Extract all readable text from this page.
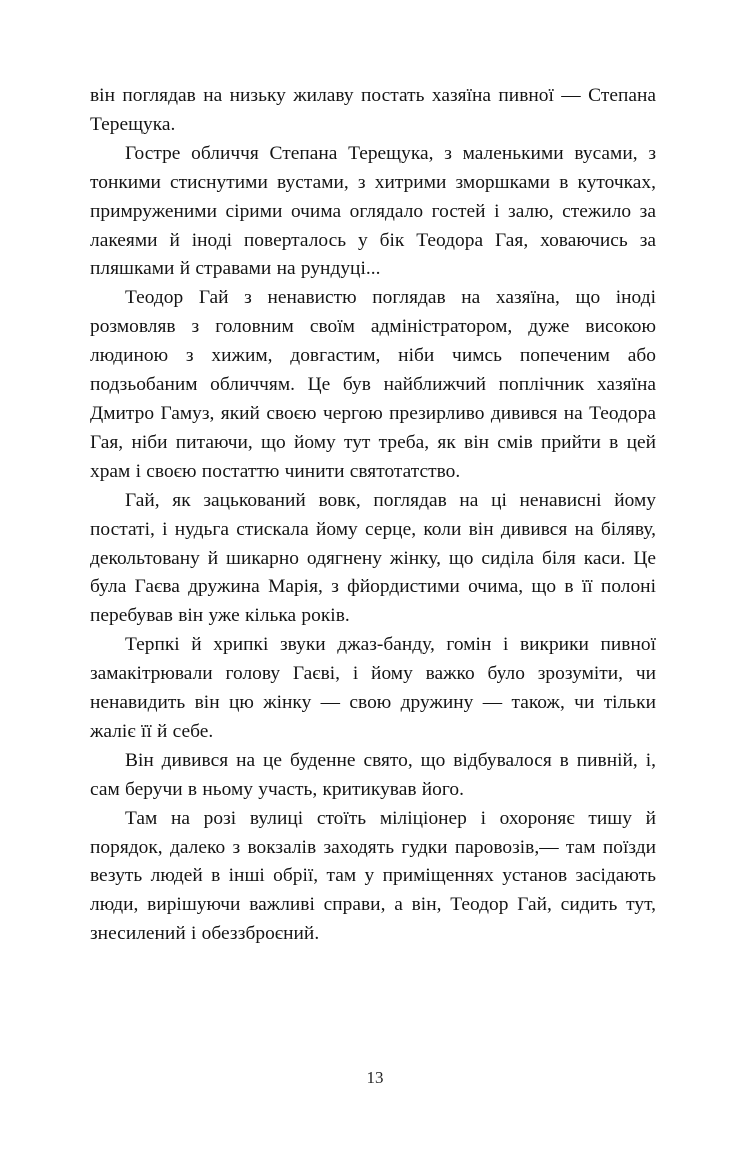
він поглядав на низьку жилаву постать хазяїна пивної — Степана Терещука.

Гостре обличчя Степана Терещука, з маленькими вусами, з тонкими стиснутими вустами, з хитрими зморшками в куточках, примруженими сірими очима оглядало гостей і залю, стежило за лакеями й іноді поверталось у бік Теодора Гая, ховаючись за пляшками й стравами на рундуці...

Теодор Гай з ненавистю поглядав на хазяїна, що іноді розмовляв з головним своїм адміністратором, дуже високою людиною з хижим, довгастим, ніби чимсь попеченим або подзьобаним обличчям. Це був найближчий поплічник хазяїна Дмитро Гамуз, який своєю чергою презирливо дивився на Теодора Гая, ніби питаючи, що йому тут треба, як він смів прийти в цей храм і своєю постаттю чинити святотатство.

Гай, як зацькований вовк, поглядав на ці ненависні йому постаті, і нудьга стискала йому серце, коли він дивився на біляву, декольтовану й шикарно одягнену жінку, що сиділа біля каси. Це була Гаєва дружина Марія, з фйордистими очима, що в її полоні перебував він уже кілька років.

Терпкі й хрипкі звуки джаз-банду, гомін і викрики пивної замакітрювали голову Гаєві, і йому важко було зрозуміти, чи ненавидить він цю жінку — свою дружину — також, чи тільки жаліє її й себе.

Він дивився на це буденне свято, що відбувалося в пивній, і, сам беручи в ньому участь, критикував його.

Там на розі вулиці стоїть міліціонер і охороняє тишу й порядок, далеко з вокзалів заходять гудки паровозів,— там поїзди везуть людей в інші обрії, там у приміщеннях установ засідають люди, вирішуючи важливі справи, а він, Теодор Гай, сидить тут, знесилений і обеззброєний.

13
